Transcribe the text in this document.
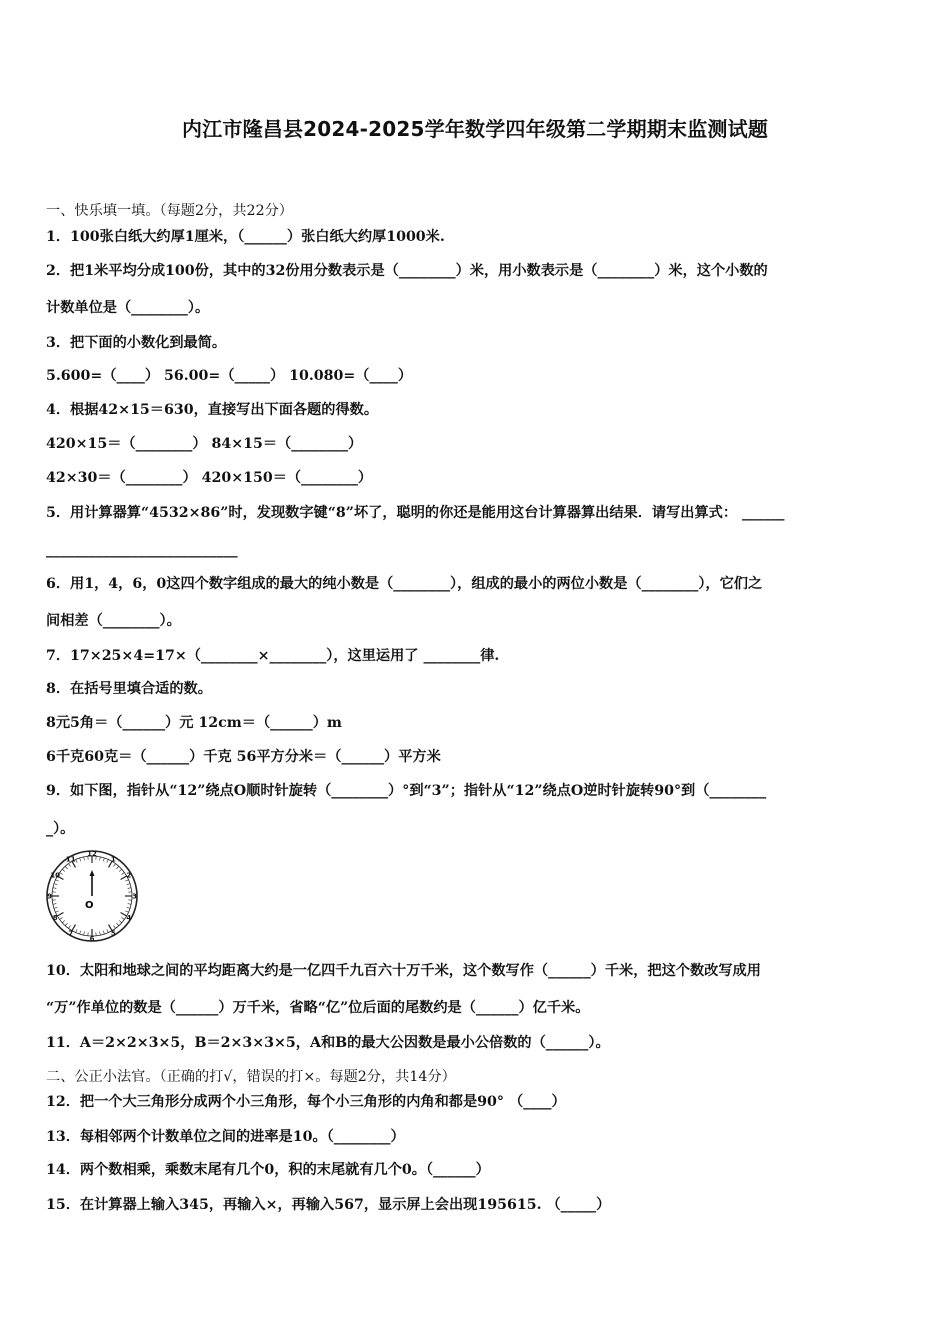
内江市隆昌县2024-2025学年数学四年级第二学期期末监测试题
一、快乐填一填。（每题2分，共22分）
1．100张白纸大约厚1厘米，（______）张白纸大约厚1000米.
2．把1米平均分成100份，其中的32份用分数表示是（________）米，用小数表示是（________）米，这个小数的
计数单位是（________）。
3．把下面的小数化到最简。
5.600=（____） 56.00=（_____） 10.080=（____）
4．根据42×15＝630，直接写出下面各题的得数。
420×15＝（________） 84×15＝（________）
42×30＝（________） 420×150＝（________）
5．用计算器算“4532×86”时，发现数字键“8”坏了，聪明的你还是能用这台计算器算出结果．请写出算式： ______
___________________________
6．用1，4，6，0这四个数字组成的最大的纯小数是（________），组成的最小的两位小数是（________），它们之
间相差（________）。
7．17×25×4=17×（________×________），这里运用了 ________律.
8．在括号里填合适的数。
8元5角＝（______）元 12cm＝（______）m
6千克60克＝（______）千克 56平方分米＝（______）平方米
9．如下图，指针从“12”绕点O顺时针旋转（________）°到“3”；指针从“12”绕点O逆时针旋转90°到（________
_）。
12
1
2
3
4
5
6
7
8
9
10
11
O
10．太阳和地球之间的平均距离大约是一亿四千九百六十万千米，这个数写作（______）千米，把这个数改写成用
“万”作单位的数是（______）万千米，省略“亿”位后面的尾数约是（______）亿千米。
11．A＝2×2×3×5，B＝2×3×3×5，A和B的最大公因数是最小公倍数的（______）。
二、公正小法官。（正确的打√，错误的打×。每题2分，共14分）
12．把一个大三角形分成两个小三角形，每个小三角形的内角和都是90° （____）
13．每相邻两个计数单位之间的进率是10。（________）
14．两个数相乘，乘数末尾有几个0，积的末尾就有几个0。（______）
15．在计算器上输入345，再输入×，再输入567，显示屏上会出现195615. （_____）
